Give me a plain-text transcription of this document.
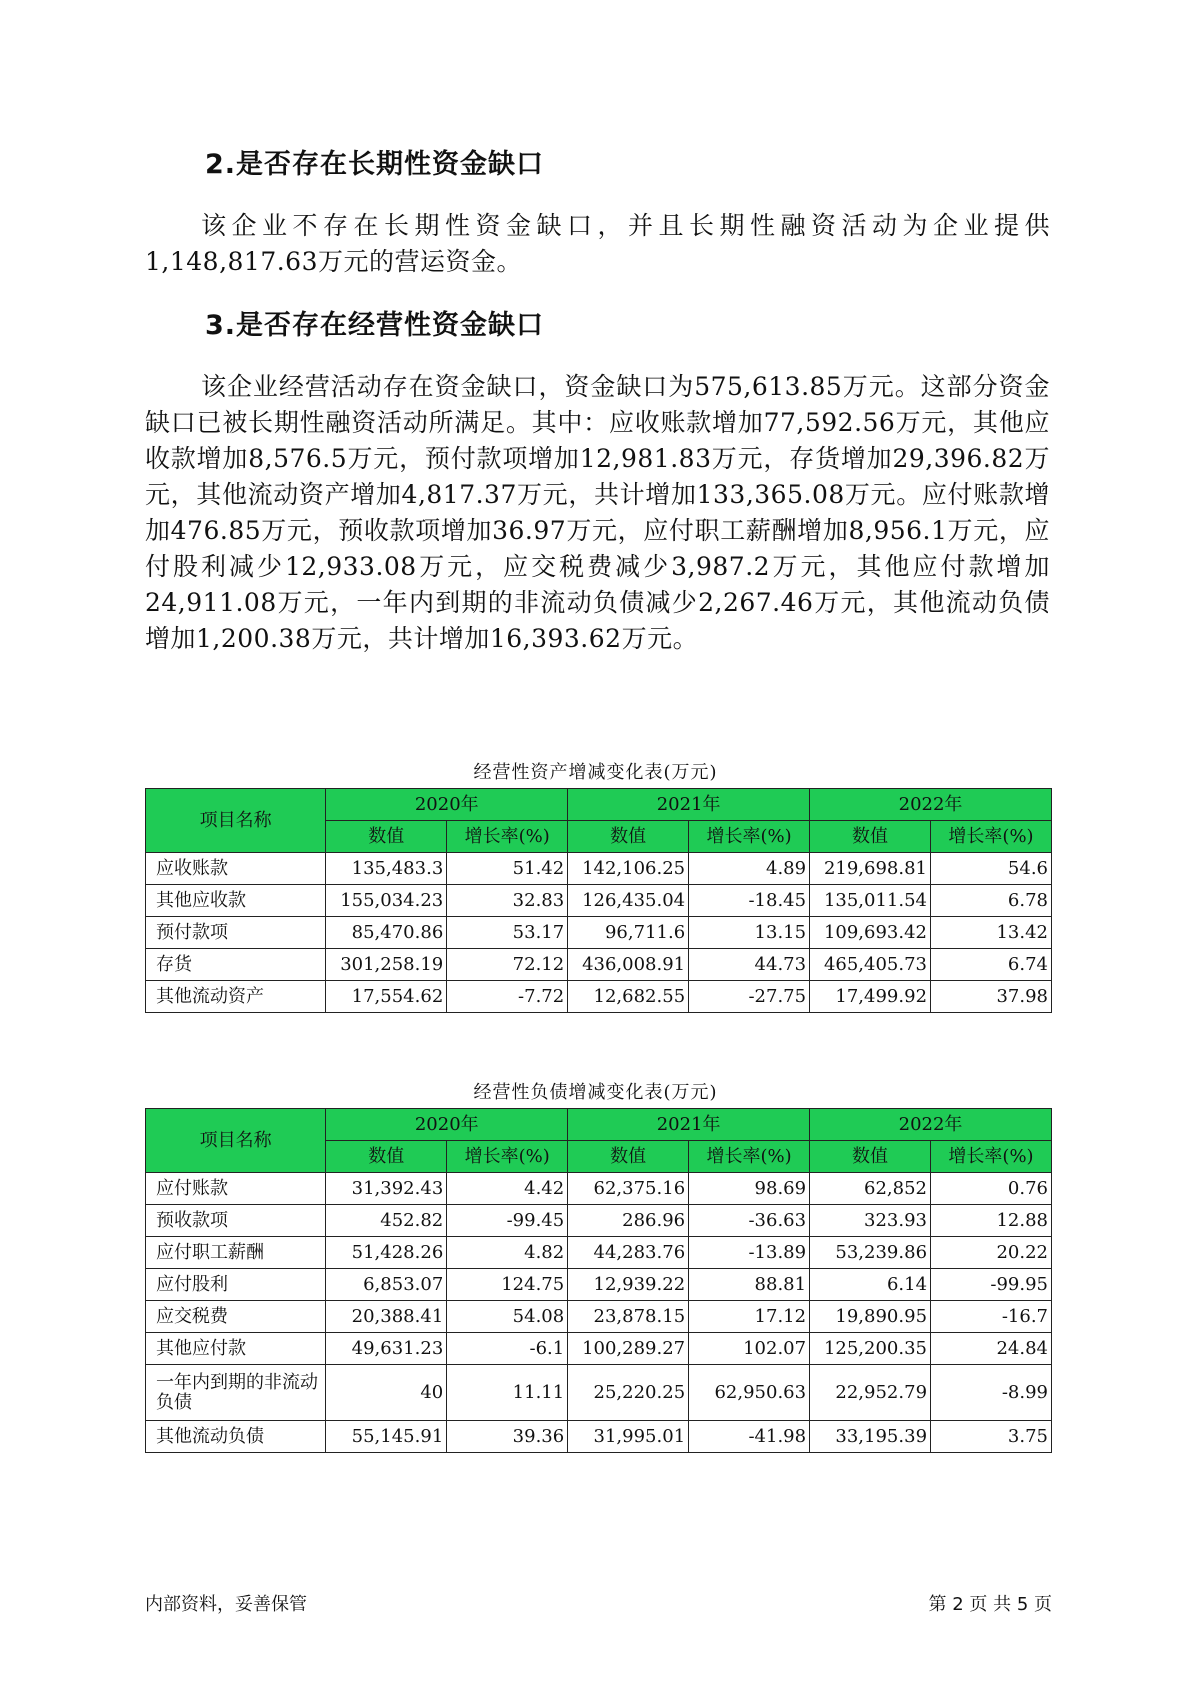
2.是否存在长期性资金缺口

该企业不存在长期性资金缺口，并且长期性融资活动为企业提供1,148,817.63万元的营运资金。

3.是否存在经营性资金缺口

该企业经营活动存在资金缺口，资金缺口为575,613.85万元。这部分资金缺口已被长期性融资活动所满足。其中：应收账款增加77,592.56万元，其他应收款增加8,576.5万元，预付款项增加12,981.83万元，存货增加29,396.82万元，其他流动资产增加4,817.37万元，共计增加133,365.08万元。应付账款增加476.85万元，预收款项增加36.97万元，应付职工薪酬增加8,956.1万元，应付股利减少12,933.08万元，应交税费减少3,987.2万元，其他应付款增加24,911.08万元，一年内到期的非流动负债减少2,267.46万元，其他流动负债增加1,200.38万元，共计增加16,393.62万元。

经营性资产增减变化表(万元)

项目名称	2020年		2021年		2022年	
	数值	增长率(%)	数值	增长率(%)	数值	增长率(%)
应收账款	135,483.3	51.42	142,106.25	4.89	219,698.81	54.6
其他应收款	155,034.23	32.83	126,435.04	-18.45	135,011.54	6.78
预付款项	85,470.86	53.17	96,711.6	13.15	109,693.42	13.42
存货	301,258.19	72.12	436,008.91	44.73	465,405.73	6.74
其他流动资产	17,554.62	-7.72	12,682.55	-27.75	17,499.92	37.98

经营性负债增减变化表(万元)

项目名称	2020年		2021年		2022年	
	数值	增长率(%)	数值	增长率(%)	数值	增长率(%)
应付账款	31,392.43	4.42	62,375.16	98.69	62,852	0.76
预收款项	452.82	-99.45	286.96	-36.63	323.93	12.88
应付职工薪酬	51,428.26	4.82	44,283.76	-13.89	53,239.86	20.22
应付股利	6,853.07	124.75	12,939.22	88.81	6.14	-99.95
应交税费	20,388.41	54.08	23,878.15	17.12	19,890.95	-16.7
其他应付款	49,631.23	-6.1	100,289.27	102.07	125,200.35	24.84
一年内到期的非流动负债	40	11.11	25,220.25	62,950.63	22,952.79	-8.99
其他流动负债	55,145.91	39.36	31,995.01	-41.98	33,195.39	3.75

内部资料，妥善保管	第 2 页 共 5 页
